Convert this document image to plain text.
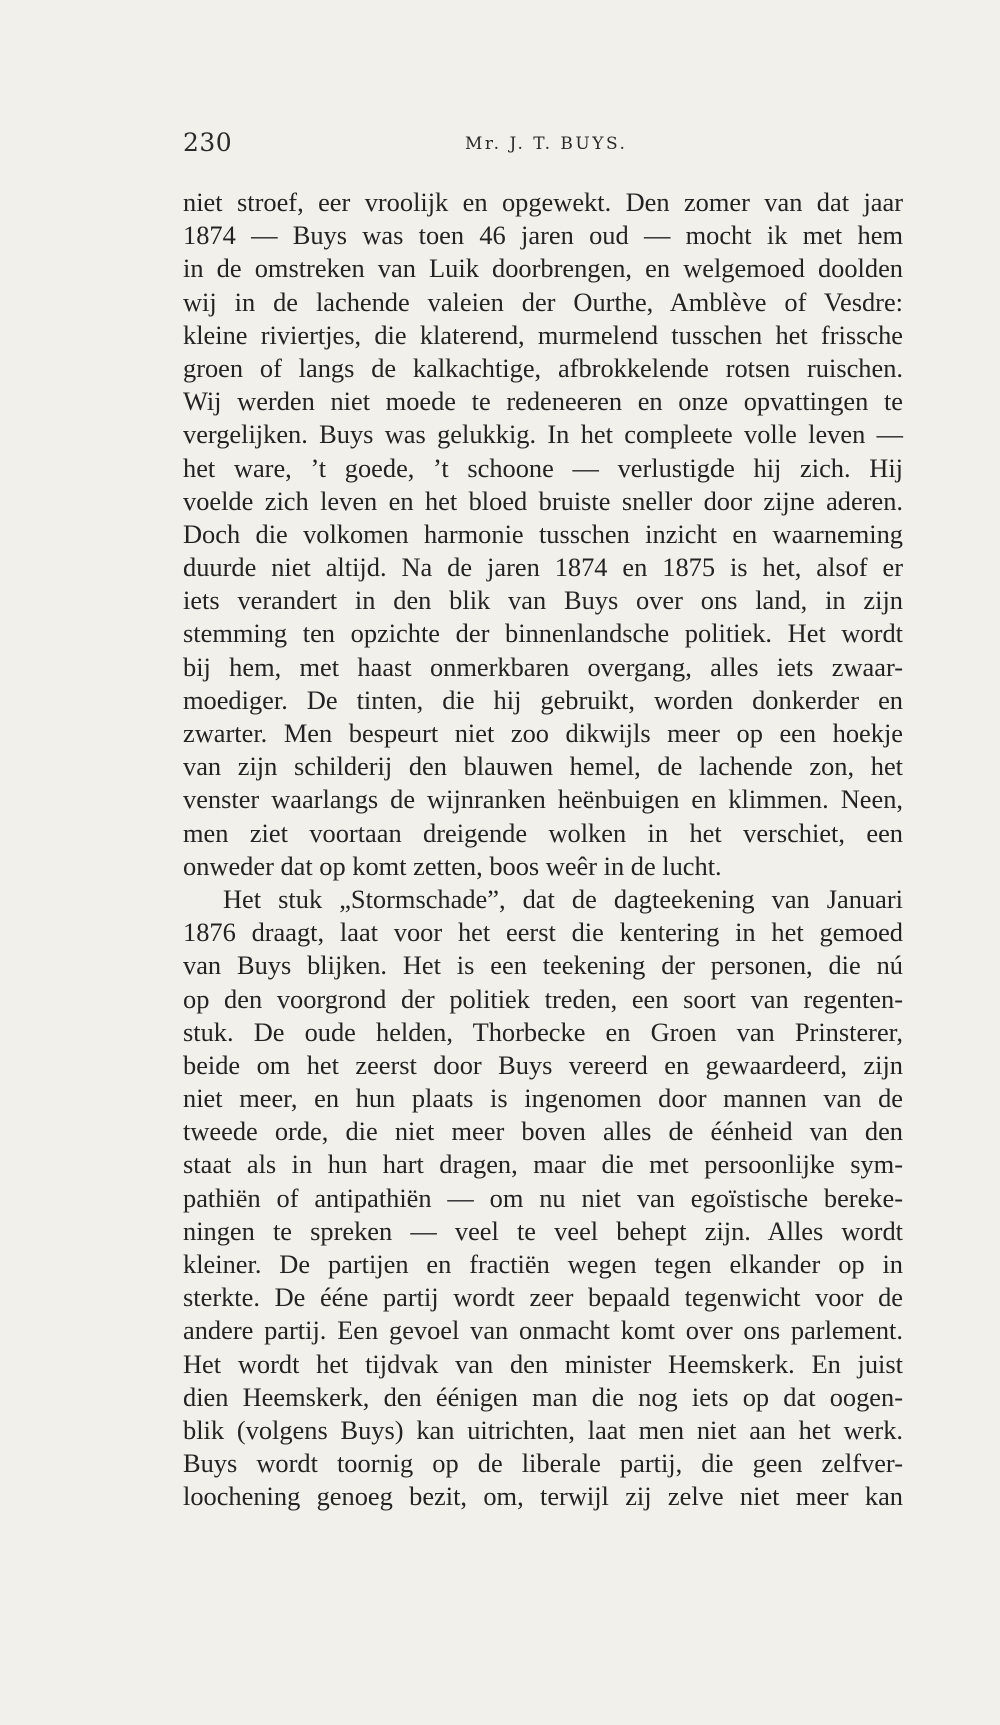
230	Mr. J. T. BUYS.
niet stroef, eer vroolijk en opgewekt. Den zomer van dat jaar
1874 — Buys was toen 46 jaren oud — mocht ik met hem
in de omstreken van Luik doorbrengen, en welgemoed doolden
wij in de lachende valeien der Ourthe, Amblève of Vesdre:
kleine riviertjes, die klaterend, murmelend tusschen het frissche
groen of langs de kalkachtige, afbrokkelende rotsen ruischen.
Wij werden niet moede te redeneeren en onze opvattingen te
vergelijken. Buys was gelukkig. In het compleete volle leven —
het ware, ’t goede, ’t schoone — verlustigde hij zich. Hij
voelde zich leven en het bloed bruiste sneller door zijne aderen.
Doch die volkomen harmonie tusschen inzicht en waarneming
duurde niet altijd. Na de jaren 1874 en 1875 is het, alsof er
iets verandert in den blik van Buys over ons land, in zijn
stemming ten opzichte der binnenlandsche politiek. Het wordt
bij hem, met haast onmerkbaren overgang, alles iets zwaar-
moediger. De tinten, die hij gebruikt, worden donkerder en
zwarter. Men bespeurt niet zoo dikwijls meer op een hoekje
van zijn schilderij den blauwen hemel, de lachende zon, het
venster waarlangs de wijnranken heënbuigen en klimmen. Neen,
men ziet voortaan dreigende wolken in het verschiet, een
onweder dat op komt zetten, boos weêr in de lucht.
Het stuk „Stormschade”, dat de dagteekening van Januari
1876 draagt, laat voor het eerst die kentering in het gemoed
van Buys blijken. Het is een teekening der personen, die nú
op den voorgrond der politiek treden, een soort van regenten-
stuk. De oude helden, Thorbecke en Groen van Prinsterer,
beide om het zeerst door Buys vereerd en gewaardeerd, zijn
niet meer, en hun plaats is ingenomen door mannen van de
tweede orde, die niet meer boven alles de éénheid van den
staat als in hun hart dragen, maar die met persoonlijke sym-
pathiën of antipathiën — om nu niet van egoïstische bereke-
ningen te spreken — veel te veel behept zijn. Alles wordt
kleiner. De partijen en fractiën wegen tegen elkander op in
sterkte. De ééne partij wordt zeer bepaald tegenwicht voor de
andere partij. Een gevoel van onmacht komt over ons parlement.
Het wordt het tijdvak van den minister Heemskerk. En juist
dien Heemskerk, den éénigen man die nog iets op dat oogen-
blik (volgens Buys) kan uitrichten, laat men niet aan het werk.
Buys wordt toornig op de liberale partij, die geen zelfver-
loochening genoeg bezit, om, terwijl zij zelve niet meer kan
